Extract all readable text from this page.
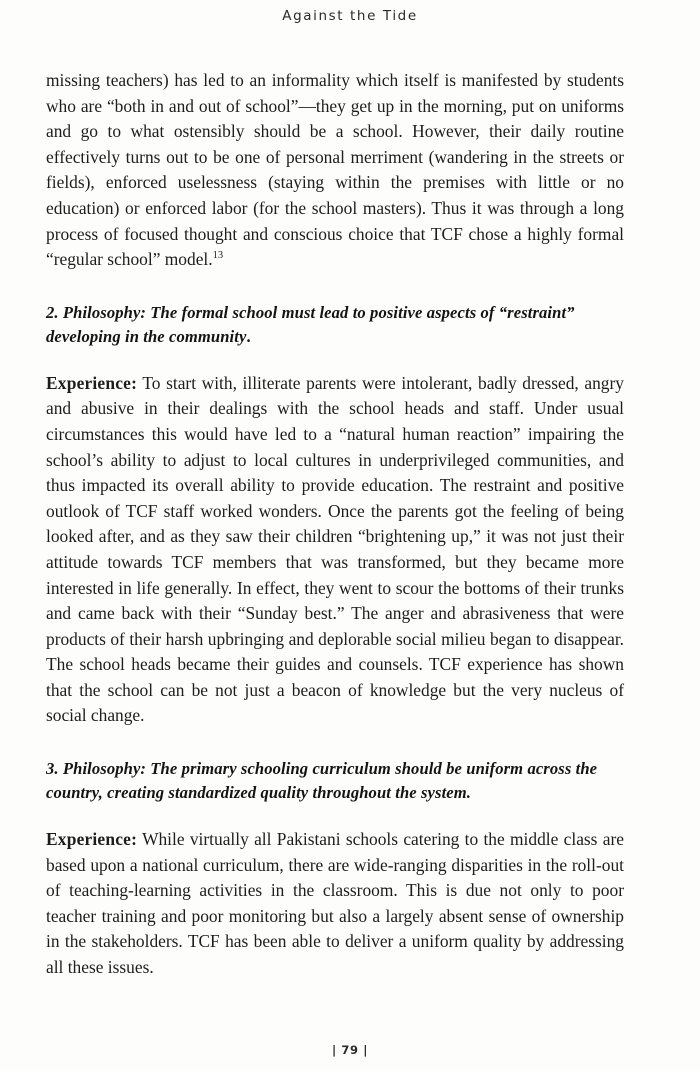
Against the Tide

missing teachers) has led to an informality which itself is manifested by students who are “both in and out of school”—they get up in the morning, put on uniforms and go to what ostensibly should be a school. However, their daily routine effectively turns out to be one of personal merriment (wandering in the streets or fields), enforced uselessness (staying within the premises with little or no education) or enforced labor (for the school masters). Thus it was through a long process of focused thought and conscious choice that TCF chose a highly formal “regular school” model.$^{13}$

2. Philosophy: The formal school must lead to positive aspects of “restraint” developing in the community.

Experience: To start with, illiterate parents were intolerant, badly dressed, angry and abusive in their dealings with the school heads and staff. Under usual circumstances this would have led to a “natural human reaction” impairing the school’s ability to adjust to local cultures in underprivileged communities, and thus impacted its overall ability to provide education. The restraint and positive outlook of TCF staff worked wonders. Once the parents got the feeling of being looked after, and as they saw their children “brightening up,” it was not just their attitude towards TCF members that was transformed, but they became more interested in life generally. In effect, they went to scour the bottoms of their trunks and came back with their “Sunday best.” The anger and abrasiveness that were products of their harsh upbringing and deplorable social milieu began to disappear. The school heads became their guides and counsels. TCF experience has shown that the school can be not just a beacon of knowledge but the very nucleus of social change.

3. Philosophy: The primary schooling curriculum should be uniform across the country, creating standardized quality throughout the system.

Experience: While virtually all Pakistani schools catering to the middle class are based upon a national curriculum, there are wide-ranging disparities in the roll-out of teaching-learning activities in the classroom. This is due not only to poor teacher training and poor monitoring but also a largely absent sense of ownership in the stakeholders. TCF has been able to deliver a uniform quality by addressing all these issues.

| 79 |
